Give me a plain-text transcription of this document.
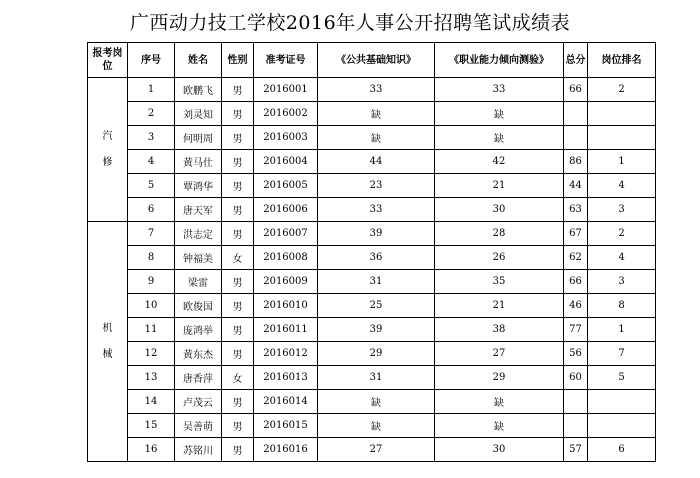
广西动力技工学校2016年人事公开招聘笔试成绩表
报考岗位	序号	姓名	性别	准考证号	《公共基础知识》	《职业能力倾向测验》	总分	岗位排名

汽
修	1	欧鹏飞	男	2016001	33	33	66	2
	2	刘灵知	男	2016002	缺	缺		
	3	何明周	男	2016003	缺	缺		
	4	黄马仕	男	2016004	44	42	86	1
	5	覃鸿华	男	2016005	23	21	44	4
	6	唐天军	男	2016006	33	30	63	3

机
械	7	洪志定	男	2016007	39	28	67	2
	8	钟福美	女	2016008	36	26	62	4
	9	梁雷	男	2016009	31	35	66	3
	10	欧俊国	男	2016010	25	21	46	8
	11	庞鸿举	男	2016011	39	38	77	1
	12	黄东杰	男	2016012	29	27	56	7
	13	唐香萍	女	2016013	31	29	60	5
	14	卢茂云	男	2016014	缺	缺		
	15	吴善萌	男	2016015	缺	缺		
	16	苏铭川	男	2016016	27	30	57	6
